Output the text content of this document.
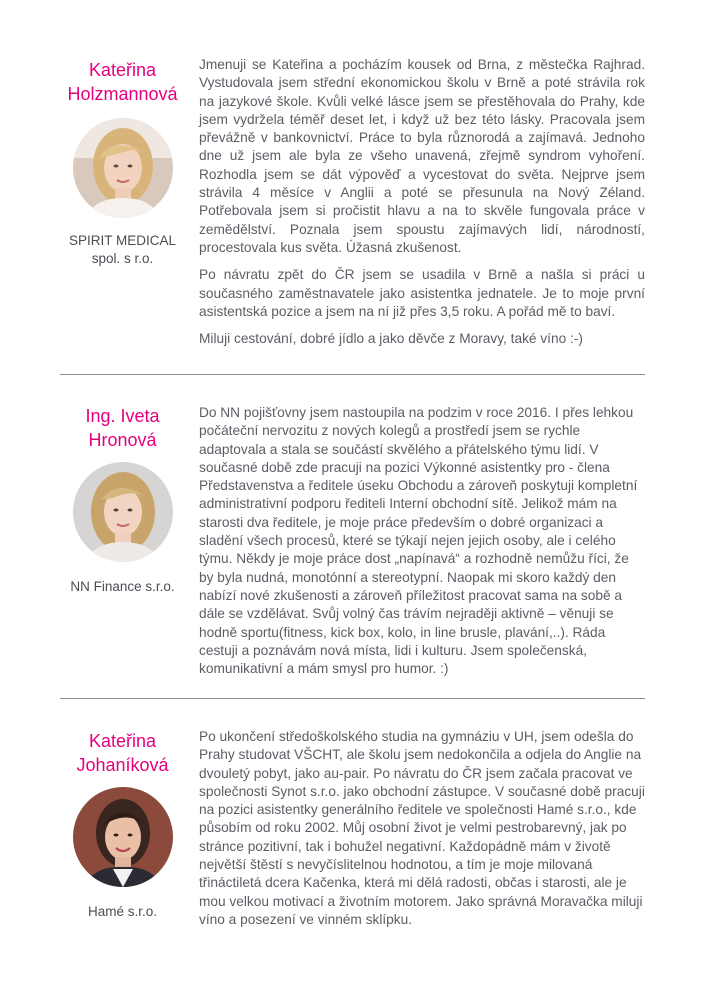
Kateřina
Holzmannová
SPIRIT MEDICAL
spol. s r.o.

Jmenuji se Kateřina a pocházím kousek od Brna, z městečka Rajhrad. Vystudovala jsem střední ekonomickou školu v Brně a poté strávila rok na jazykové škole. Kvůli velké lásce jsem se přestěhovala do Prahy, kde jsem vydržela téměř deset let, i když už bez této lásky. Pracovala jsem převážně v bankovnictví. Práce to byla různorodá a zajímavá. Jednoho dne už jsem ale byla ze všeho unavená, zřejmě syndrom vyhoření. Rozhodla jsem se dát výpověď a vycestovat do světa. Nejprve jsem strávila 4 měsíce v Anglii a poté se přesunula na Nový Zéland. Potřebovala jsem si pročistit hlavu a na to skvěle fungovala práce v zemědělství. Poznala jsem spoustu zajímavých lidí, národností, procestovala kus světa. Úžasná zkušenost.

Po návratu zpět do ČR jsem se usadila v Brně a našla si práci u současného zaměstnavatele jako asistentka jednatele. Je to moje první asistentská pozice a jsem na ní již přes 3,5 roku. A pořád mě to baví.

Miluji cestování, dobré jídlo a jako děvče z Moravy, také víno :-)

Ing. Iveta
Hronová
NN Finance s.r.o.

Do NN pojišťovny jsem nastoupila na podzim v roce 2016. I přes lehkou počáteční nervozitu z nových kolegů a prostředí jsem se rychle adaptovala a stala se součástí skvělého a přátelského týmu lidí. V současné době zde pracuji na pozici Výkonné asistentky pro - člena Představenstva a ředitele úseku Obchodu a zároveň poskytuji kompletní administrativní podporu řediteli Interní obchodní sítě. Jelikož mám na starosti dva ředitele, je moje práce především o dobré organizaci a sladění všech procesů, které se týkají nejen jejich osoby, ale i celého týmu. Někdy je moje práce dost „napínavá“ a rozhodně nemůžu říci, že by byla nudná, monotónní a stereotypní. Naopak mi skoro každý den nabízí nové zkušenosti a zároveň příležitost pracovat sama na sobě a dále se vzdělávat. Svůj volný čas trávím nejraději aktivně – věnuji se hodně sportu(fitness, kick box, kolo, in line brusle, plavání,..). Ráda cestuji a poznávám nová místa, lidi i kulturu. Jsem společenská, komunikativní a mám smysl pro humor. :)

Kateřina
Johaníková
Hamé s.r.o.

Po ukončení středoškolského studia na gymnáziu v UH, jsem odešla do Prahy studovat VŠCHT, ale školu jsem nedokončila a odjela do Anglie na dvouletý pobyt, jako au-pair. Po návratu do ČR jsem začala pracovat ve společnosti Synot s.r.o. jako obchodní zástupce. V současné době pracuji na pozici asistentky generálního ředitele ve společnosti Hamé s.r.o., kde působím od roku 2002. Můj osobní život je velmi pestrobarevný, jak po stránce pozitivní, tak i bohužel negativní. Každopádně mám v životě největší štěstí s nevyčíslitelnou hodnotou, a tím je moje milovaná třináctiletá dcera Kačenka, která mi dělá radosti, občas i starosti, ale je mou velkou motivací a životním motorem. Jako správná Moravačka miluji víno a posezení ve vinném sklípku.
